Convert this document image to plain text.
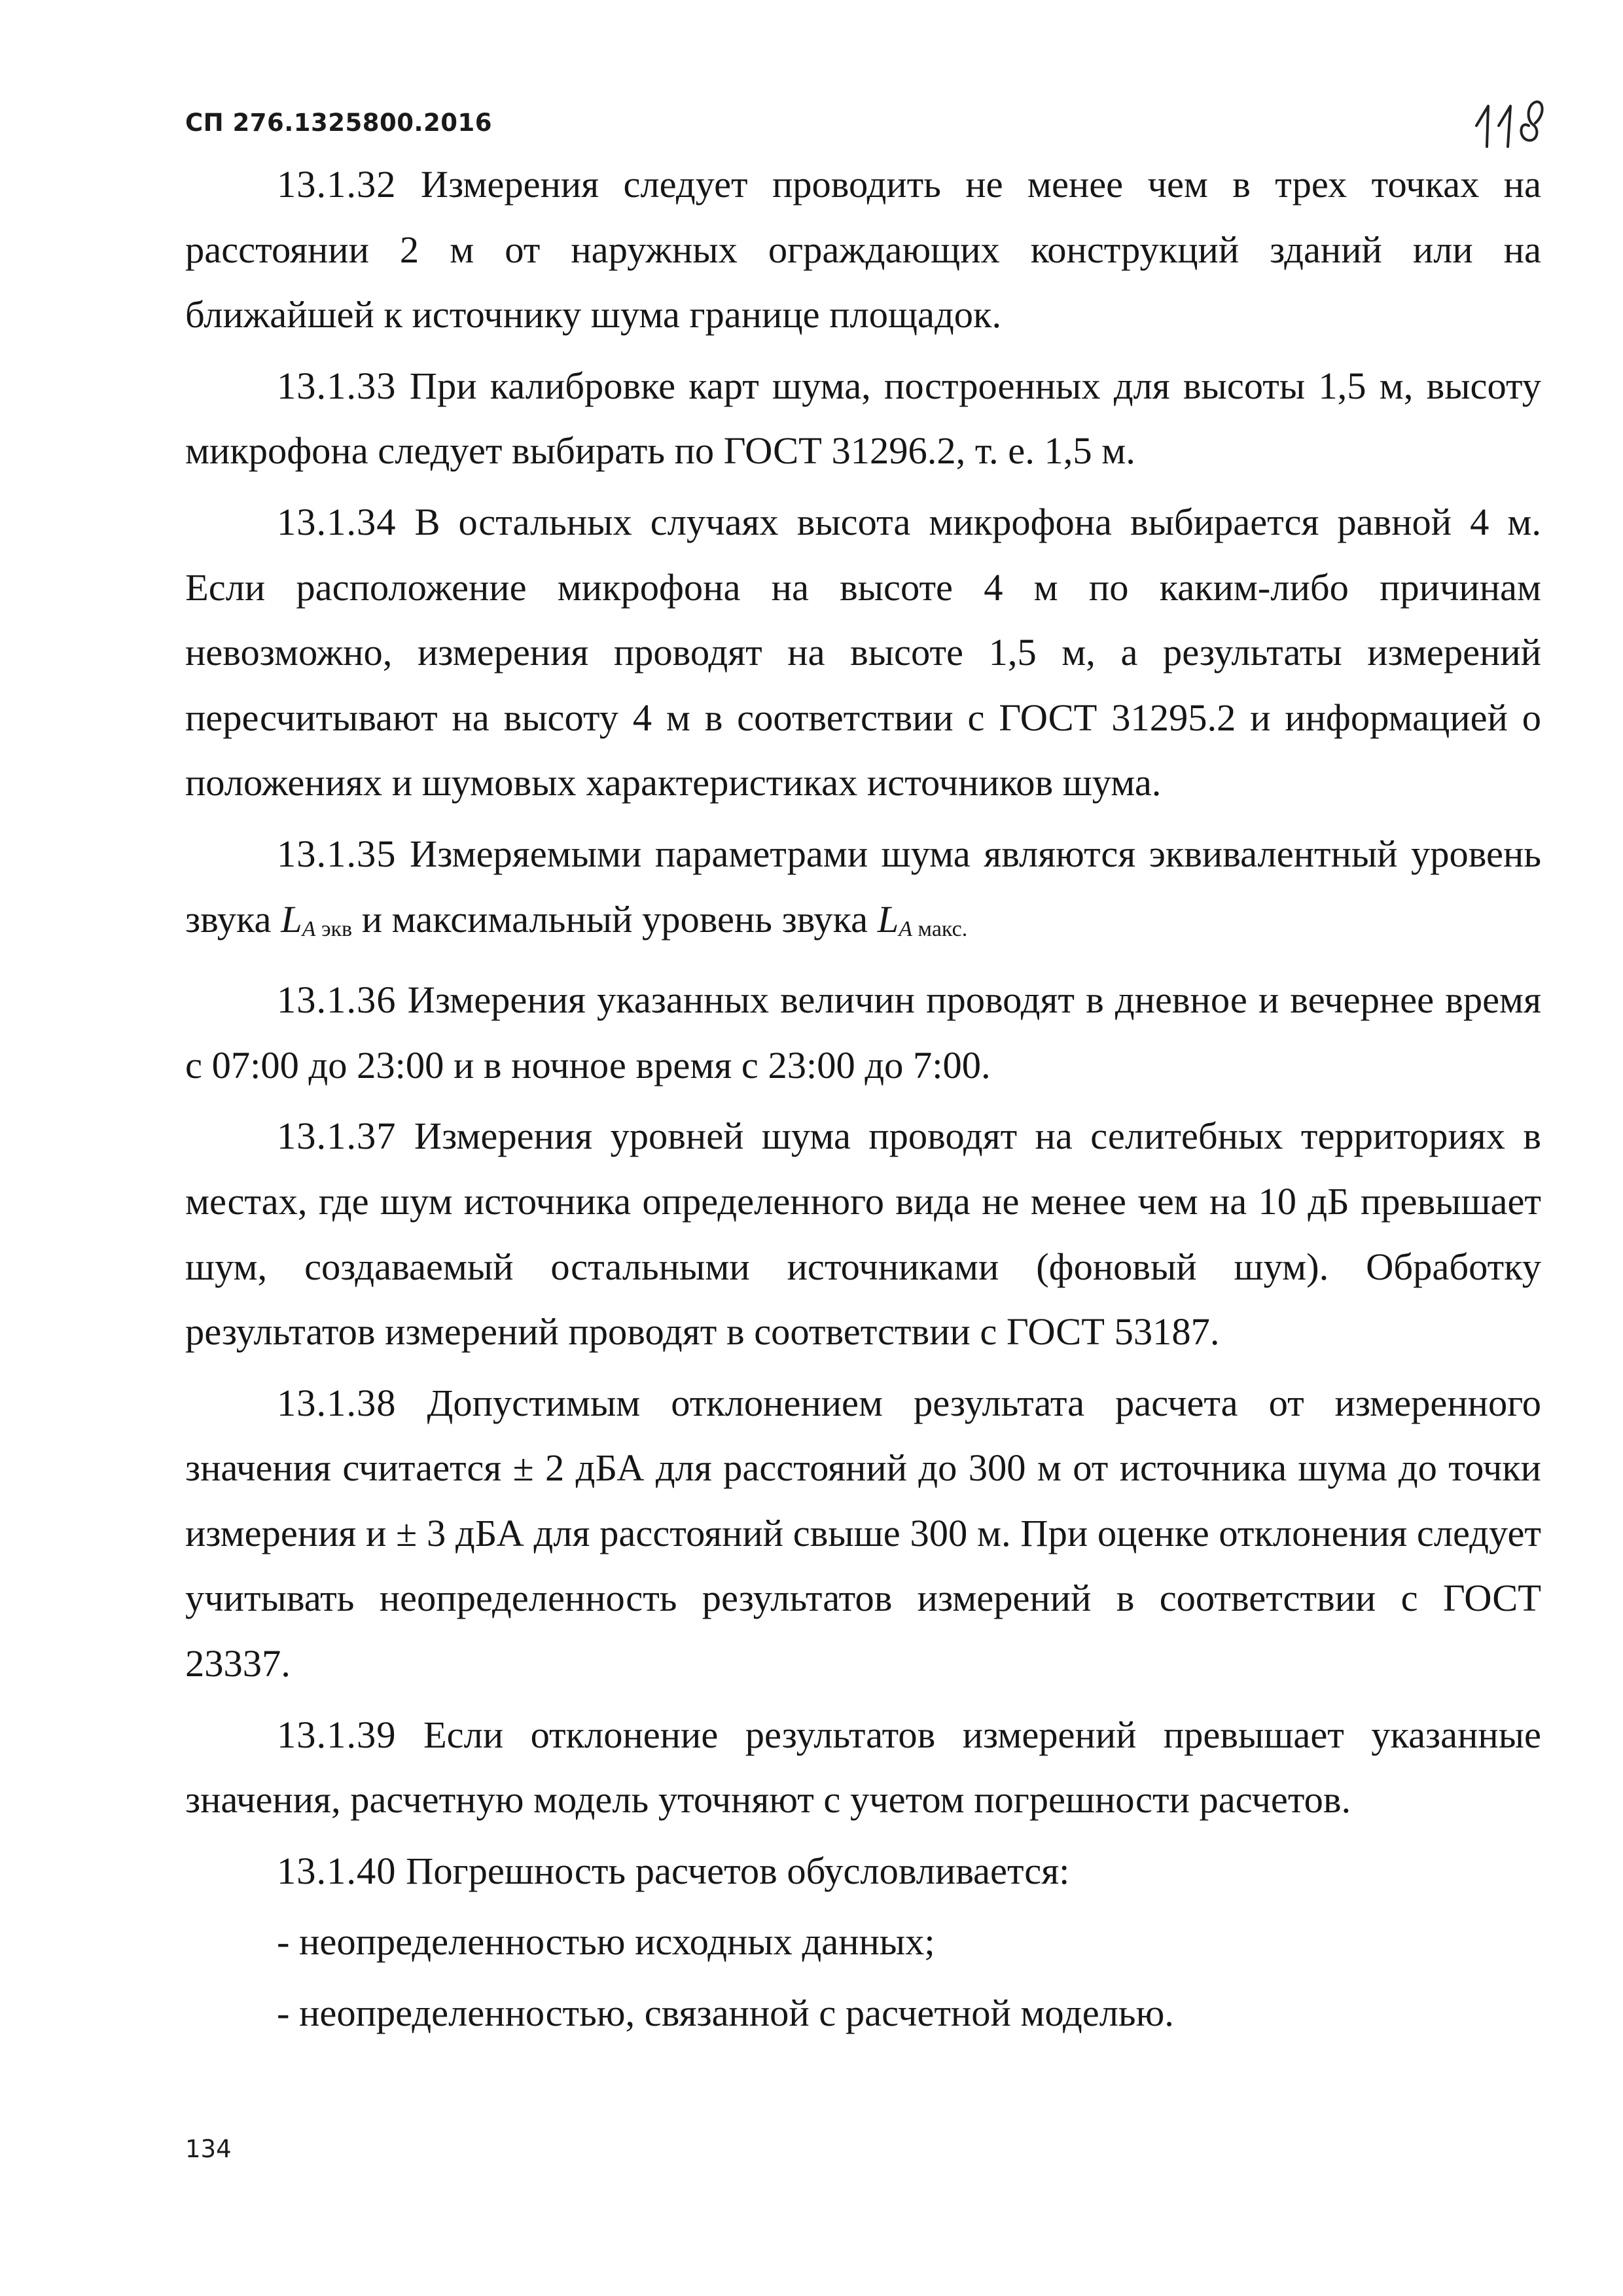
СП 276.1325800.2016

13.1.32 Измерения следует проводить не менее чем в трех точках на расстоянии 2 м от наружных ограждающих конструкций зданий или на ближайшей к источнику шума границе площадок.

13.1.33 При калибровке карт шума, построенных для высоты 1,5 м, высоту микрофона следует выбирать по ГОСТ 31296.2, т. е. 1,5 м.

13.1.34 В остальных случаях высота микрофона выбирается равной 4 м. Если расположение микрофона на высоте 4 м по каким-либо причинам невозможно, измерения проводят на высоте 1,5 м, а результаты измерений пересчитывают на высоту 4 м в соответствии с ГОСТ 31295.2 и информацией о положениях и шумовых характеристиках источников шума.

13.1.35 Измеряемыми параметрами шума являются эквивалентный уровень звука $L_{A экв}$ и максимальный уровень звука $L_{A макс.}$

13.1.36 Измерения указанных величин проводят в дневное и вечернее время с 07:00 до 23:00 и в ночное время с 23:00 до 7:00.

13.1.37 Измерения уровней шума проводят на селитебных территориях в местах, где шум источника определенного вида не менее чем на 10 дБ превышает шум, создаваемый остальными источниками (фоновый шум). Обработку результатов измерений проводят в соответствии с ГОСТ 53187.

13.1.38 Допустимым отклонением результата расчета от измеренного значения считается ± 2 дБА для расстояний до 300 м от источника шума до точки измерения и ± 3 дБА для расстояний свыше 300 м. При оценке отклонения следует учитывать неопределенность результатов измерений в соответствии с ГОСТ 23337.

13.1.39 Если отклонение результатов измерений превышает указанные значения, расчетную модель уточняют с учетом погрешности расчетов.

13.1.40 Погрешность расчетов обусловливается:

- неопределенностью исходных данных;

- неопределенностью, связанной с расчетной моделью.

134
